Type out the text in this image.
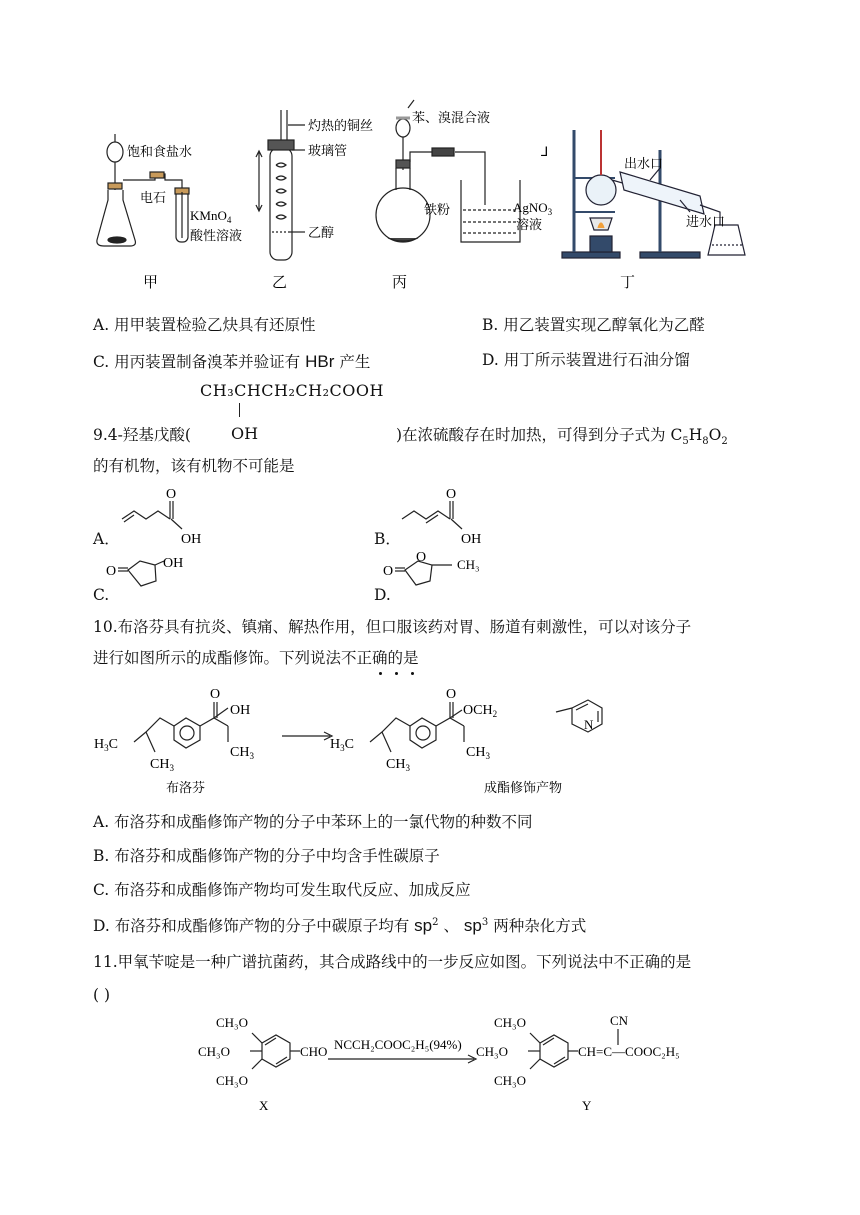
饱和食盐水
电石
KMnO$_4$
酸性溶液
灼热的铜丝
玻璃管
乙醇
苯、溴混合液
铁粉	AgNO$_3$
溶液
出水口
进水口
⅃
甲	乙	丙	丁
A. 用甲装置检验乙炔具有还原性	B. 用乙装置实现乙醇氧化为乙醛
C. 用丙装置制备溴苯并验证有 HBr 产生	D. 用丁所示装置进行石油分馏
CH₃CHCH₂CH₂COOH
OH
9.4-羟基戊酸(	)在浓硫酸存在时加热，可得到分子式为 $C_5H_8O_2$
的有机物，该有机物不可能是
O
OH
O
OH
O
OH
O
O CH₃
A．	B．
C.	D.
10.布洛芬具有抗炎、镇痛、解热作用，但口服该药对胃、肠道有刺激性，可以对该分子
进行如图所示的成酯修饰。下列说法不正确的是
O
OH
$H_3C$
$CH_3$
$CH_3$
O
$OCH_2$
N
$H_3C$
$CH_3$
$CH_3$
布洛芬	成酯修饰产物
A. 布洛芬和成酯修饰产物的分子中苯环上的一氯代物的种数不同
B. 布洛芬和成酯修饰产物的分子中均含手性碳原子
C. 布洛芬和成酯修饰产物均可发生取代反应、加成反应
D. 布洛芬和成酯修饰产物的分子中碳原子均有 $sp^2$ 、 $sp^3$ 两种杂化方式
11.甲氧苄啶是一种广谱抗菌药，其合成路线中的一步反应如图。下列说法中不正确的是
( )
CH₃O
CH₃O
CH₃O
CHO NCCH₂COOC₂H₅(94%)
CH₃O
CH₃O
CH₃O
CN
CH=C—COOC₂H₅
X	Y
